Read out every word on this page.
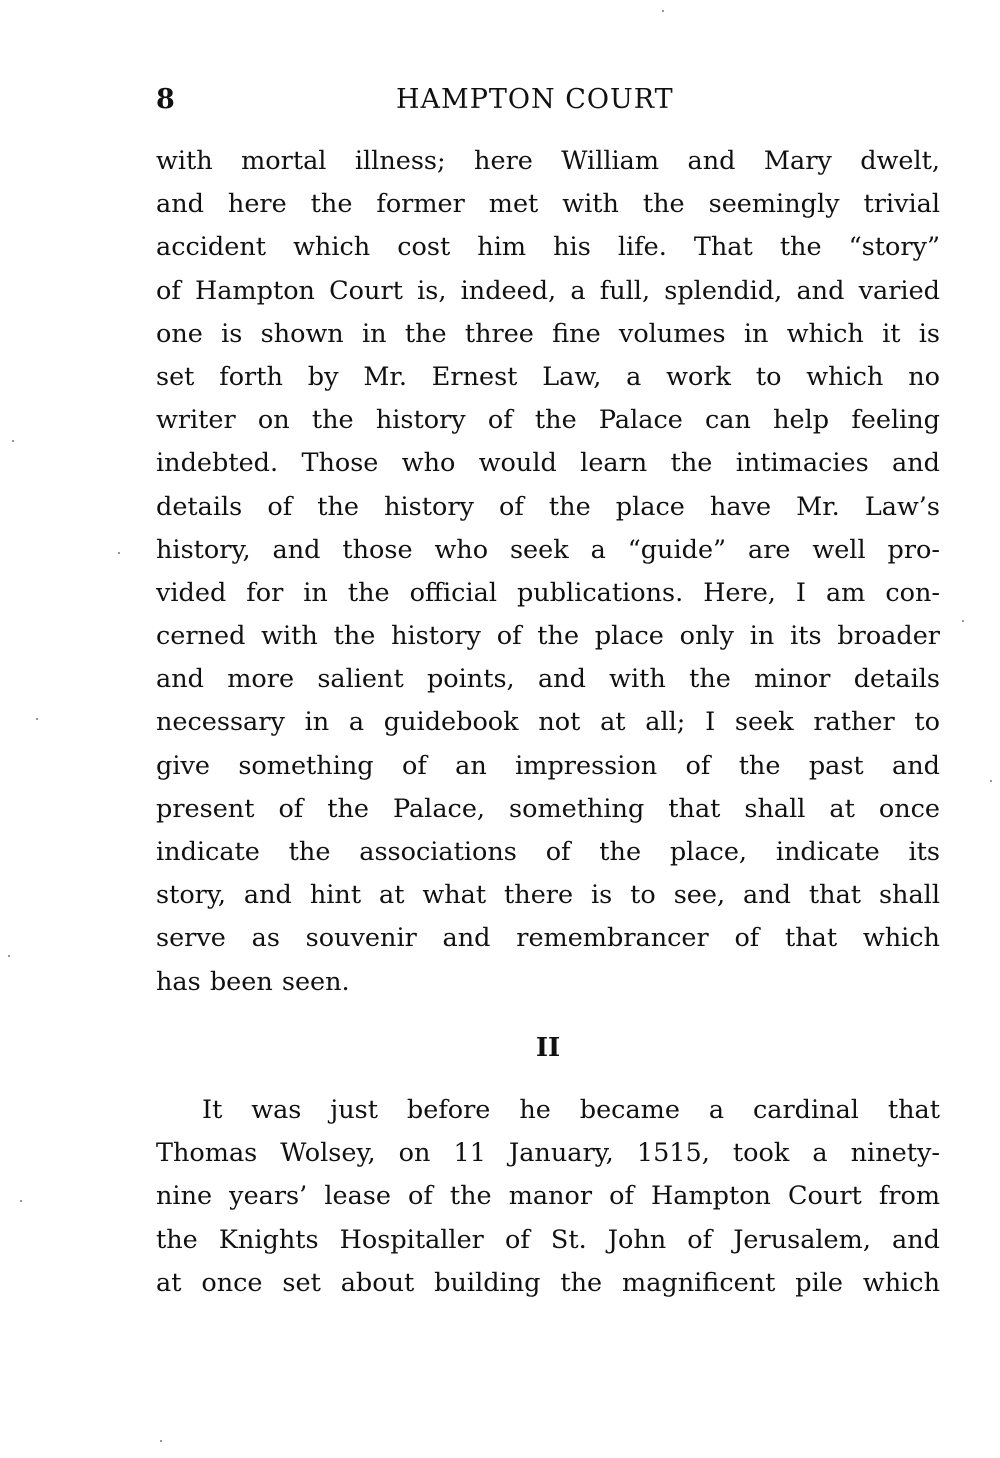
8	HAMPTON COURT
with mortal illness; here William and Mary dwelt,
and here the former met with the seemingly trivial
accident which cost him his life. That the “story”
of Hampton Court is, indeed, a full, splendid, and varied
one is shown in the three fine volumes in which it is
set forth by Mr. Ernest Law, a work to which no
writer on the history of the Palace can help feeling
indebted. Those who would learn the intimacies and
details of the history of the place have Mr. Law’s
history, and those who seek a “guide” are well pro-
vided for in the official publications. Here, I am con-
cerned with the history of the place only in its broader
and more salient points, and with the minor details
necessary in a guidebook not at all; I seek rather to
give something of an impression of the past and
present of the Palace, something that shall at once
indicate the associations of the place, indicate its
story, and hint at what there is to see, and that shall
serve as souvenir and remembrancer of that which
has been seen.
II
It was just before he became a cardinal that
Thomas Wolsey, on 11 January, 1515, took a ninety-
nine years’ lease of the manor of Hampton Court from
the Knights Hospitaller of St. John of Jerusalem, and
at once set about building the magnificent pile which
